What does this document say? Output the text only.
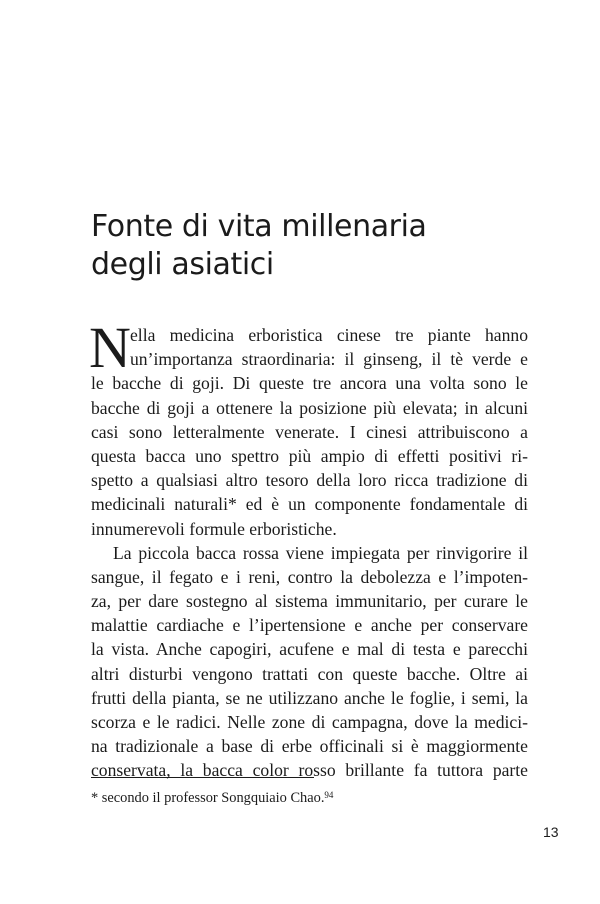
Fonte di vita millenaria
degli asiatici
N ella medicina erboristica cinese tre piante hanno
un’importanza straordinaria: il ginseng, il tè verde e
le bacche di goji. Di queste tre ancora una volta sono le
bacche di goji a ottenere la posizione più elevata; in alcuni
casi sono letteralmente venerate. I cinesi attribuiscono a
questa bacca uno spettro più ampio di effetti positivi ri-
spetto a qualsiasi altro tesoro della loro ricca tradizione di
medicinali naturali* ed è un componente fondamentale di
innumerevoli formule erboristiche.
La piccola bacca rossa viene impiegata per rinvigorire il
sangue, il fegato e i reni, contro la debolezza e l’impoten-
za, per dare sostegno al sistema immunitario, per curare le
malattie cardiache e l’ipertensione e anche per conservare
la vista. Anche capogiri, acufene e mal di testa e parecchi
altri disturbi vengono trattati con queste bacche. Oltre ai
frutti della pianta, se ne utilizzano anche le foglie, i semi, la
scorza e le radici. Nelle zone di campagna, dove la medici-
na tradizionale a base di erbe officinali si è maggiormente
conservata, la bacca color rosso brillante fa tuttora parte
* secondo il professor Songquiaio Chao.$^{94}$
13
